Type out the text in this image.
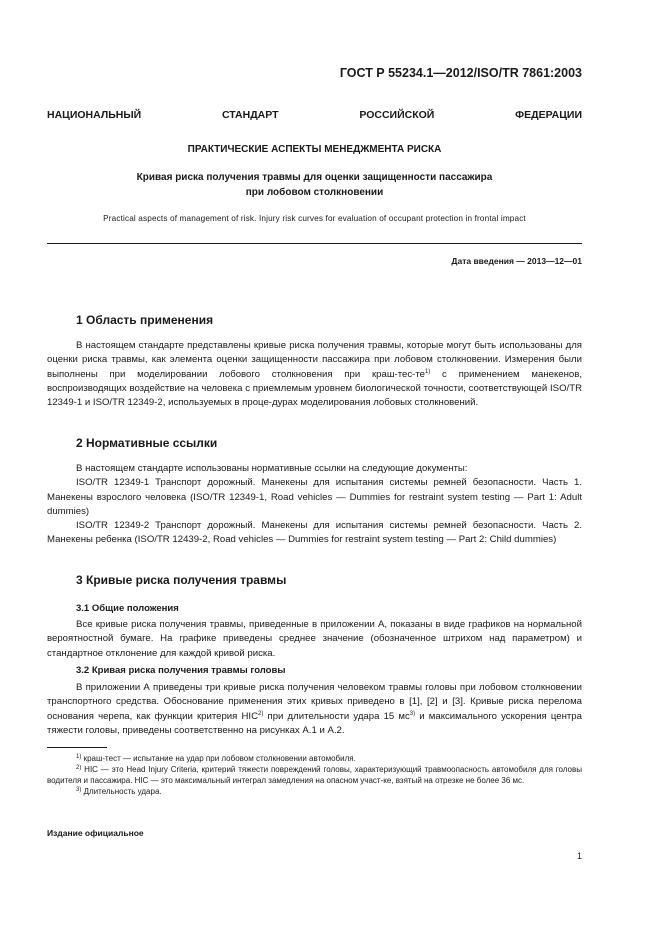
ГОСТ Р 55234.1—2012/ISO/TR 7861:2003
НАЦИОНАЛЬНЫЙ СТАНДАРТ РОССИЙСКОЙ ФЕДЕРАЦИИ
ПРАКТИЧЕСКИЕ АСПЕКТЫ МЕНЕДЖМЕНТА РИСКА
Кривая риска получения травмы для оценки защищенности пассажира
при лобовом столкновении
Practical aspects of management of risk. Injury risk curves for evaluation of occupant protection in frontal impact
Дата введения — 2013—12—01
1 Область применения

В настоящем стандарте представлены кривые риска получения травмы, которые могут быть использованы для оценки риска травмы, как элемента оценки защищенности пассажира при лобовом столкновении. Измерения были выполнены при моделировании лобового столкновения при краш-$тес-те^{1)}$ с применением манекенов, воспроизводящих воздействие на человека с приемлемым уровнем биологической точности, соответствующей ISO/TR 12349-1 и ISO/TR 12349-2, используемых в проце-дурах моделирования лобовых столкновений.

2 Нормативные ссылки

В настоящем стандарте использованы нормативные ссылки на следующие документы:

ISO/TR 12349-1 Транспорт дорожный. Манекены для испытания системы ремней безопасности. Часть 1. Манекены взрослого человека (ISO/TR 12349-1, Road vehicles — Dummies for restraint system testing — Part 1: Adult dummies)

ISO/TR 12349-2 Транспорт дорожный. Манекены для испытания системы ремней безопасности. Часть 2. Манекены ребенка (ISO/TR 12439-2, Road vehicles — Dummies for restraint system testing — Part 2: Child dummies)

3 Кривые риска получения травмы
3.1 Общие положения

Все кривые риска получения травмы, приведенные в приложении А, показаны в виде графиков на нормальной вероятностной бумаге. На графике приведены среднее значение (обозначенное штрихом над параметром) и стандартное отклонение для каждой кривой риска.

3.2 Кривая риска получения травмы головы

В приложении А приведены три кривые риска получения человеком травмы головы при лобовом столкновении транспортного средства. Обоснование применения этих кривых приведено в [1], [2] и [3]. Кривые риска перелома основания черепа, как функции критерия HIC$^{2)}$ при длительности удара 15 $мс^{3)}$ и максимального ускорения центра тяжести головы, приведены соответственно на рисунках А.1 и А.2.

$^{1)}$ краш-тест — испытание на удар при лобовом столкновении автомобиля.

$^{2)}$ HIC — это Head Injury Criteria, критерий тяжести повреждений головы, характеризующий травмоопасность автомобиля для головы водителя и пассажира. HIC — это максимальный интеграл замедления на опасном участ-ке, взятый на отрезке не более 36 мс.

$^{3)}$ Длительность удара.

Издание официальное
1
